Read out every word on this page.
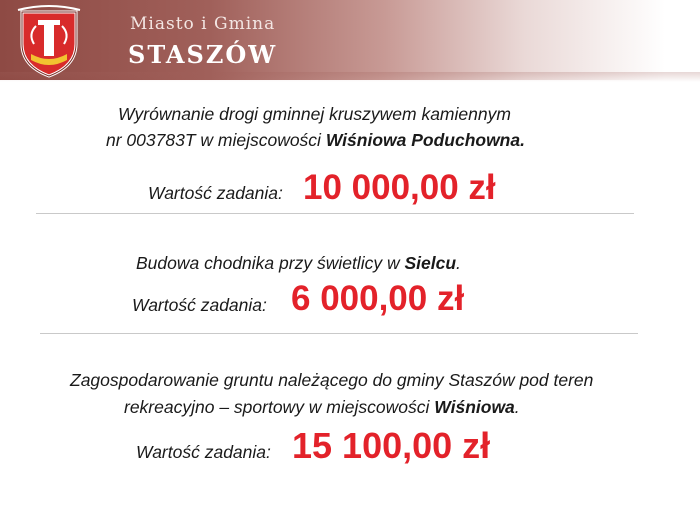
Miasto i Gmina
STASZÓW
Wyrównanie drogi gminnej kruszywem kamiennym
nr 003783T w miejscowości Wiśniowa Poduchowna.
Wartość zadania: 10 000,00 zł
Budowa chodnika przy świetlicy w Sielcu.
Wartość zadania: 6 000,00 zł
Zagospodarowanie gruntu należącego do gminy Staszów pod teren
rekreacyjno – sportowy w miejscowości Wiśniowa.
Wartość zadania: 15 100,00 zł
